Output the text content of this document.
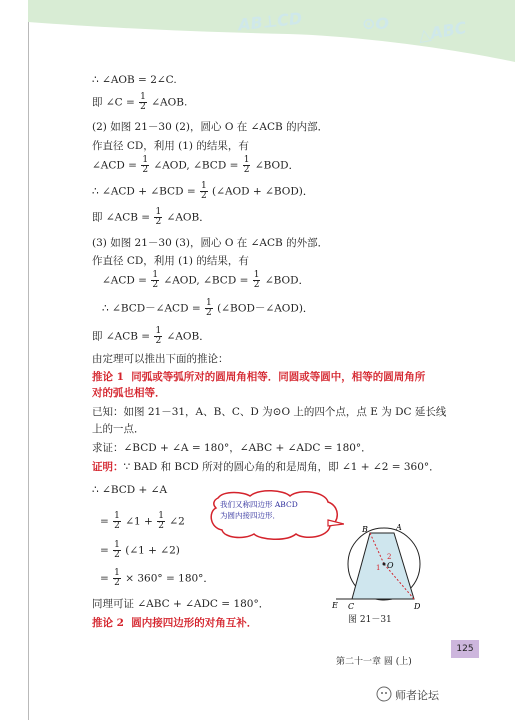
AB⊥CD	⊙O △ABC
∴ ∠AOB = 2∠C.
即 ∠C = $\frac{1}{2}$ ∠AOB.
(2) 如图 21－30 (2)，圆心 O 在 ∠ACB 的内部．
作直径 CD，利用 (1) 的结果，有
∠ACD = $\frac{1}{2}$ ∠AOD, ∠BCD = $\frac{1}{2}$ ∠BOD．
∴ ∠ACD + ∠BCD = $\frac{1}{2}$ (∠AOD + ∠BOD)．
即 ∠ACB = $\frac{1}{2}$ ∠AOB．
(3) 如图 21－30 (3)，圆心 O 在 ∠ACB 的外部．
作直径 CD，利用 (1) 的结果，有
∠ACD = $\frac{1}{2}$ ∠AOD, ∠BCD = $\frac{1}{2}$ ∠BOD．
∴ ∠BCD－∠ACD = $\frac{1}{2}$ (∠BOD－∠AOD)．
即 ∠ACB = $\frac{1}{2}$ ∠AOB．
由定理可以推出下面的推论：
推论 1 同弧或等弧所对的圆周角相等．同圆或等圆中，相等的圆周角所
对的弧也相等．
已知：如图 21－31，A、B、C、D 为⊙O 上的四个点，点 E 为 DC 延长线
上的一点．
求证：∠BCD + ∠A = 180°，∠ABC + ∠ADC = 180°．
证明：∵ BAD 和 BCD 所对的圆心角的和是周角，即 ∠1 + ∠2 = 360°．
∴ ∠BCD + ∠A
= $\frac{1}{2}$ ∠1 + $\frac{1}{2}$ ∠2
= $\frac{1}{2}$ (∠1 + ∠2)
= $\frac{1}{2} \times 360^\circ = 180^\circ$．
同理可证 ∠ABC + ∠ADC = 180°．
推论 2 圆内接四边形的对角互补．
我们又称四边形 ABCD
为圆内接四边形．
B	A
E C	D
O
1
2
图 21－31
125
第二十一章 圆 (上)
师者论坛
